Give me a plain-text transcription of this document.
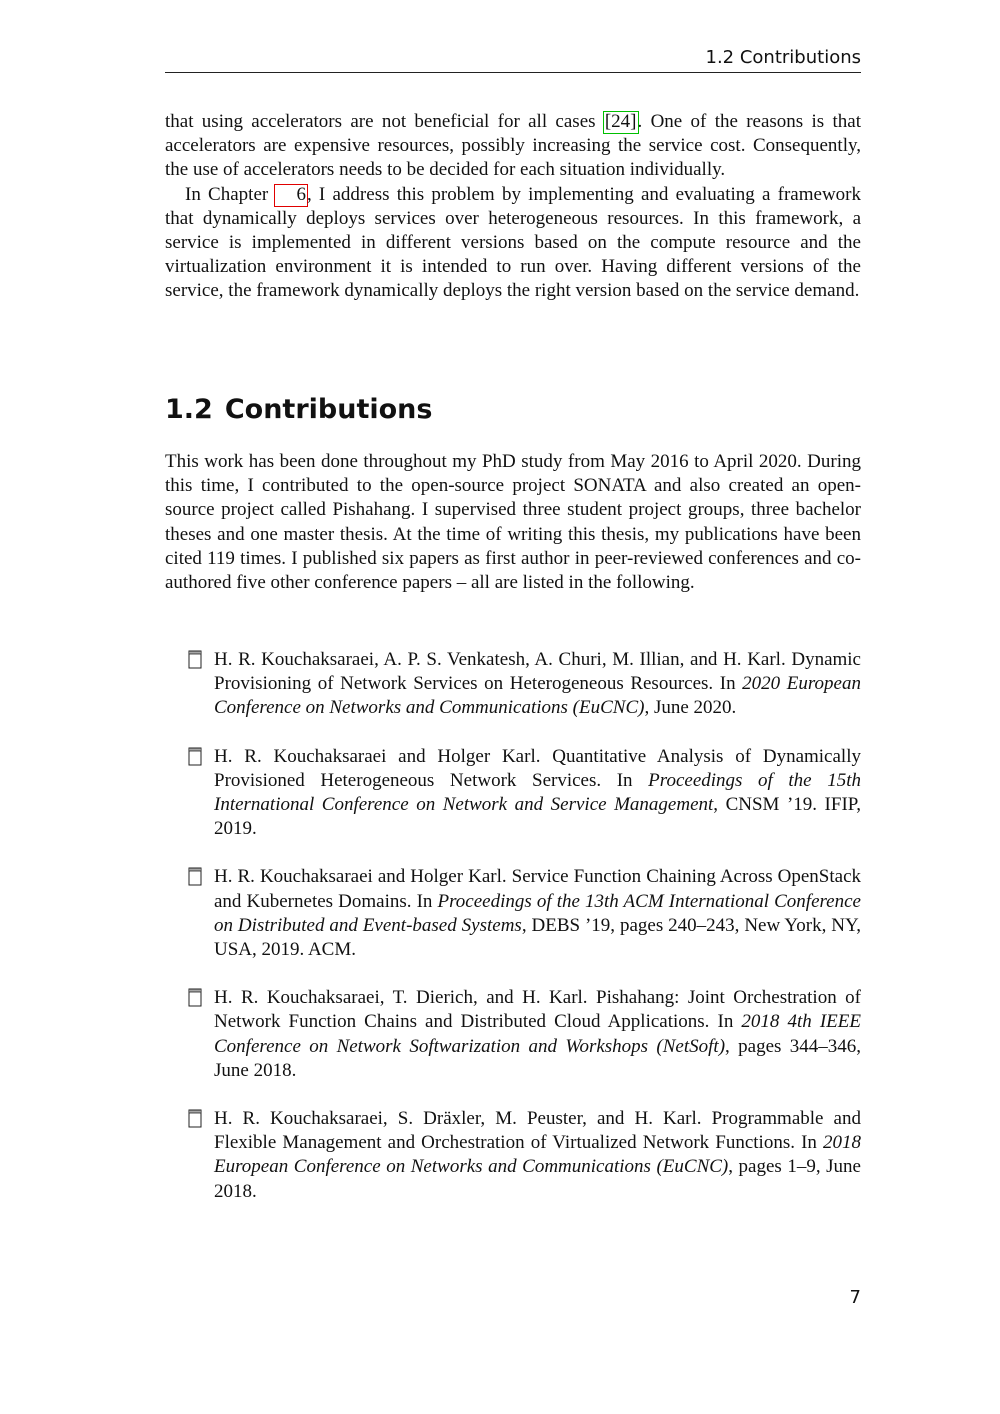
1.2 Contributions

that using accelerators are not beneficial for all cases [24]. One of the reasons is that accelerators are expensive resources, possibly increasing the service cost. Consequently, the use of accelerators needs to be decided for each situation individually.

In Chapter 6, I address this problem by implementing and evaluating a framework that dynamically deploys services over heterogeneous resources. In this framework, a service is implemented in different versions based on the compute resource and the virtualization environment it is intended to run over. Having different versions of the service, the framework dynamically deploys the right version based on the service demand.

1.2 Contributions

This work has been done throughout my PhD study from May 2016 to April 2020. During this time, I contributed to the open-source project SONATA and also created an open-source project called Pishahang. I supervised three student project groups, three bachelor theses and one master thesis. At the time of writing this thesis, my publications have been cited 119 times. I published six papers as first author in peer-reviewed conferences and co-authored five other conference papers – all are listed in the following.

H. R. Kouchaksaraei, A. P. S. Venkatesh, A. Churi, M. Illian, and H. Karl. Dynamic Provisioning of Network Services on Heterogeneous Resources. In 2020 European Conference on Networks and Communications (EuCNC), June 2020.
H. R. Kouchaksaraei and Holger Karl. Quantitative Analysis of Dynamically Provisioned Heterogeneous Network Services. In Proceedings of the 15th International Conference on Network and Service Management, CNSM ’19. IFIP, 2019.
H. R. Kouchaksaraei and Holger Karl. Service Function Chaining Across OpenStack and Kubernetes Domains. In Proceedings of the 13th ACM International Conference on Distributed and Event-based Systems, DEBS ’19, pages 240–243, New York, NY, USA, 2019. ACM.
H. R. Kouchaksaraei, T. Dierich, and H. Karl. Pishahang: Joint Orchestration of Network Function Chains and Distributed Cloud Applications. In 2018 4th IEEE Conference on Network Softwarization and Workshops (NetSoft), pages 344–346, June 2018.
H. R. Kouchaksaraei, S. Dräxler, M. Peuster, and H. Karl. Programmable and Flexible Management and Orchestration of Virtualized Network Functions. In 2018 European Conference on Networks and Communications (EuCNC), pages 1–9, June 2018.
7
